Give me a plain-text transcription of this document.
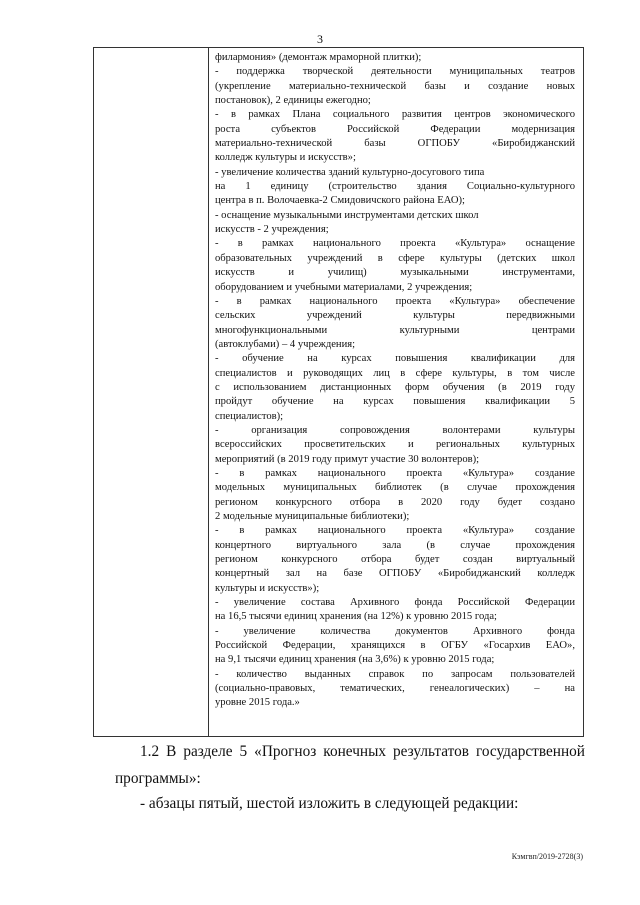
3
филармония» (демонтаж мраморной плитки);
- поддержка творческой деятельности муниципальных театров
(укрепление материально-технической базы и создание новых
постановок), 2 единицы ежегодно;
- в рамках Плана социального развития центров экономического
роста субъектов Российской Федерации модернизация
материально-технической базы ОГПОБУ «Биробиджанский
колледж культуры и искусств»;
- увеличение количества зданий культурно-досугового типа
на 1 единицу (строительство здания Социально-культурного
центра в п. Волочаевка-2 Смидовичского района ЕАО);
- оснащение музыкальными инструментами детских школ
искусств - 2 учреждения;
- в рамках национального проекта «Культура» оснащение
образовательных учреждений в сфере культуры (детских школ
искусств и училищ) музыкальными инструментами,
оборудованием и учебными материалами, 2 учреждения;
- в рамках национального проекта «Культура» обеспечение
сельских учреждений культуры передвижными
многофункциональными культурными центрами
(автоклубами) – 4 учреждения;
- обучение на курсах повышения квалификации для
специалистов и руководящих лиц в сфере культуры, в том числе
с использованием дистанционных форм обучения (в 2019 году
пройдут обучение на курсах повышения квалификации 5
специалистов);
- организация сопровождения волонтерами культуры
всероссийских просветительских и региональных культурных
мероприятий (в 2019 году примут участие 30 волонтеров);
- в рамках национального проекта «Культура» создание
модельных муниципальных библиотек (в случае прохождения
регионом конкурсного отбора в 2020 году будет создано
2 модельные муниципальные библиотеки);
- в рамках национального проекта «Культура» создание
концертного виртуального зала (в случае прохождения
регионом конкурсного отбора будет создан виртуальный
концертный зал на базе ОГПОБУ «Биробиджанский колледж
культуры и искусств»);
- увеличение состава Архивного фонда Российской Федерации
на 16,5 тысячи единиц хранения (на 12%) к уровню 2015 года;
- увеличение количества документов Архивного фонда
Российской Федерации, хранящихся в ОГБУ «Госархив ЕАО»,
на 9,1 тысячи единиц хранения (на 3,6%) к уровню 2015 года;
- количество выданных справок по запросам пользователей
(социально-правовых, тематических, генеалогических) – на
уровне 2015 года.»
1.2 В разделе 5 «Прогноз конечных результатов государственной
программы»:
- абзацы пятый, шестой изложить в следующей редакции:
Кэмгвп/2019-2728(3)
